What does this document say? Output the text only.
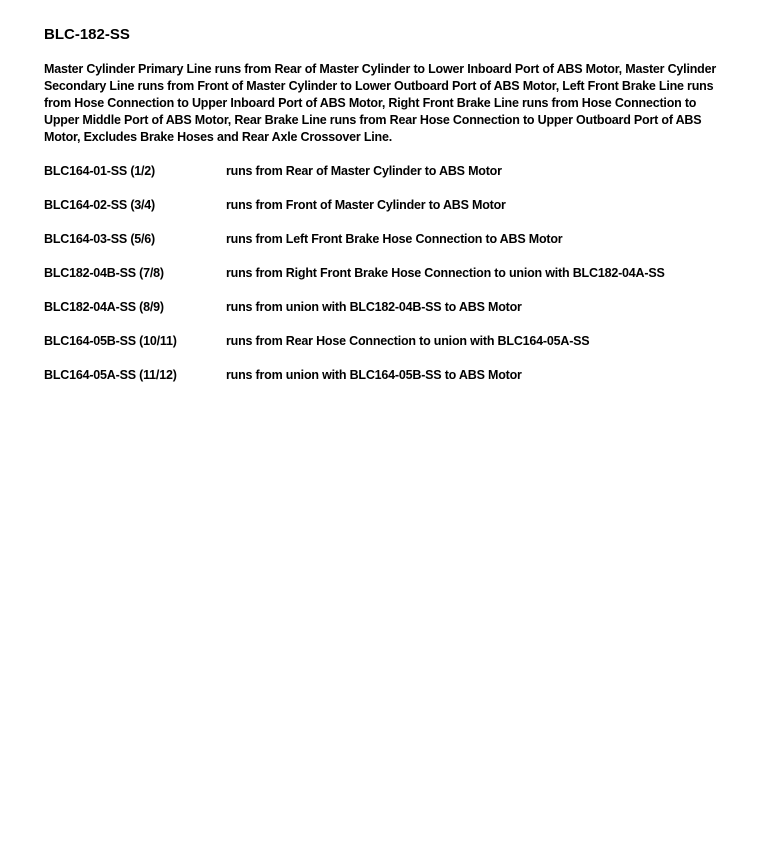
BLC-182-SS

Master Cylinder Primary Line runs from Rear of Master Cylinder to Lower Inboard Port of ABS Motor, Master Cylinder Secondary Line runs from Front of Master Cylinder to Lower Outboard Port of ABS Motor, Left Front Brake Line runs from Hose Connection to Upper Inboard Port of ABS Motor, Right Front Brake Line runs from Hose Connection to Upper Middle Port of ABS Motor, Rear Brake Line runs from Rear Hose Connection to Upper Outboard Port of ABS Motor, Excludes Brake Hoses and Rear Axle Crossover Line.

BLC164-01-SS (1/2)	runs from Rear of Master Cylinder to ABS Motor
BLC164-02-SS (3/4)	runs from Front of Master Cylinder to ABS Motor
BLC164-03-SS (5/6)	runs from Left Front Brake Hose Connection to ABS Motor
BLC182-04B-SS (7/8)	runs from Right Front Brake Hose Connection to union with BLC182-04A-SS
BLC182-04A-SS (8/9)	runs from union with BLC182-04B-SS to ABS Motor
BLC164-05B-SS (10/11)	runs from Rear Hose Connection to union with BLC164-05A-SS
BLC164-05A-SS (11/12)	runs from union with BLC164-05B-SS to ABS Motor
